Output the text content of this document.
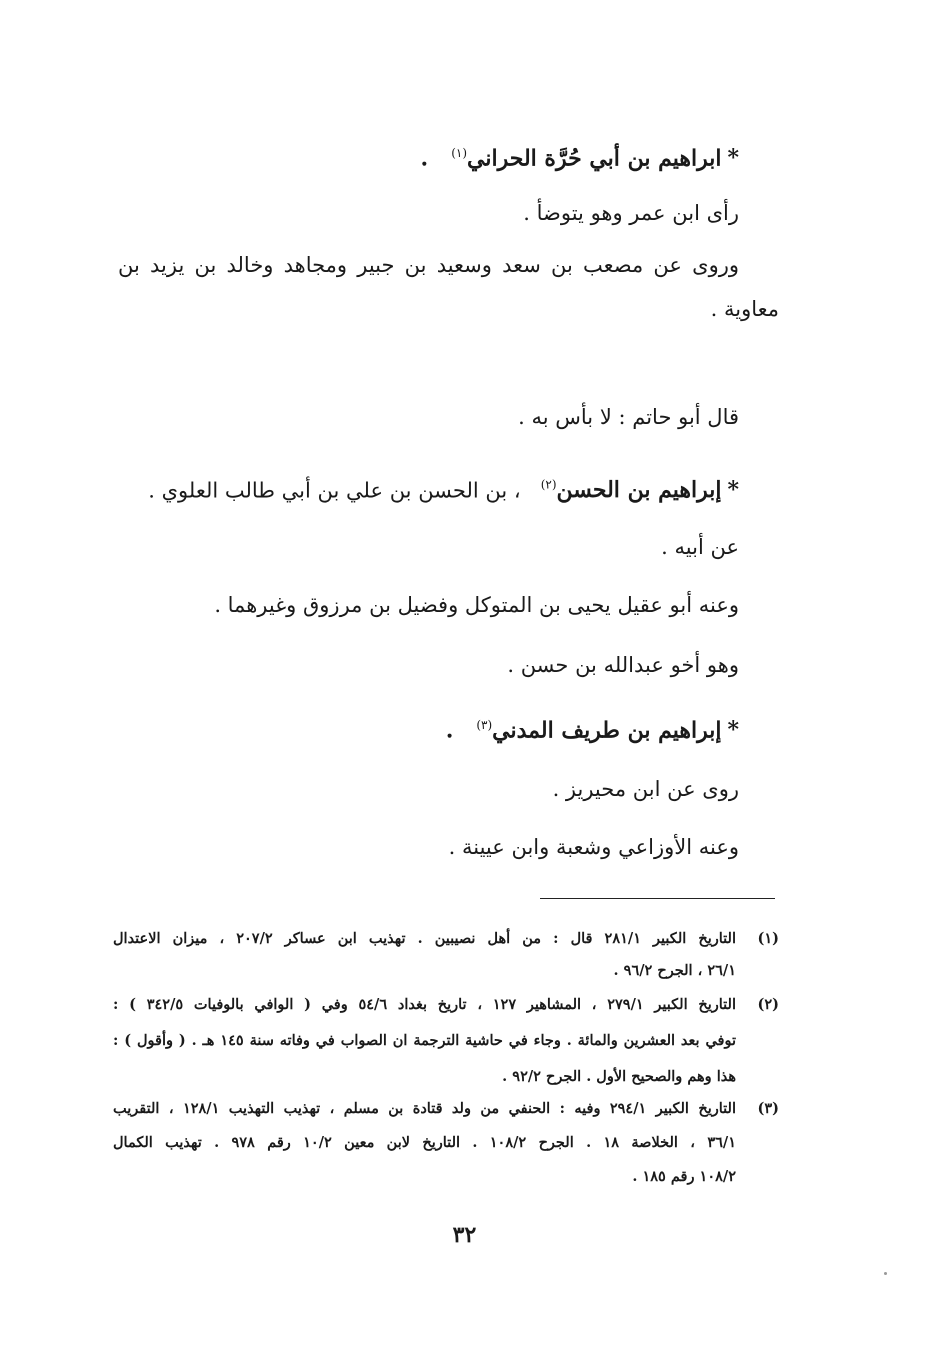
*ابراهيم بن أبي حُرَّة الحراني$^{(١)}$   .
رأى ابن عمر وهو يتوضأ .
وروى عن مصعب بن سعد وسعيد بن جبير ومجاهد وخالد بن يزيد بن
معاوية .
قال أبو حاتم : لا بأس به .
*إبراهيم بن الحسن$^{(٢)}$   ، بن الحسن بن علي بن أبي طالب العلوي .
عن أبيه .
وعنه أبو عقيل يحيى بن المتوكل وفضيل بن مرزوق وغيرهما .
وهو أخو عبدالله بن حسن .
*إبراهيم بن طريف المدني$^{(٣)}$   .
روى عن ابن محيريز .
وعنه الأوزاعي وشعبة وابن عيينة .
(١)
التاريخ الكبير ٢٨١/١ قال : من أهل نصيبين . تهذيب ابن عساكر ٢٠٧/٢ ، ميزان الاعتدال
٢٦/١ ، الجرح ٩٦/٢ .
(٢)
التاريخ الكبير ٢٧٩/١ ، المشاهير ١٢٧ ، تاريخ بغداد ٥٤/٦ وفي ( الوافي بالوفيات ٣٤٢/٥ ) :
توفي بعد العشرين والمائة . وجاء في حاشية الترجمة ان الصواب في وفاته سنة ١٤٥ هـ . ( وأقول ) :
هذا وهم والصحيح الأول . الجرح ٩٢/٢ .
(٣)
التاريخ الكبير ٢٩٤/١ وفيه : الحنفي من ولد قتادة بن مسلم ، تهذيب التهذيب ١٢٨/١ ، التقريب
٣٦/١ ، الخلاصة ١٨ . الجرح ١٠٨/٢ . التاريخ لابن معين ١٠/٢ رقم ٩٧٨ . تهذيب الكمال
١٠٨/٢ رقم ١٨٥ .
٣٢
